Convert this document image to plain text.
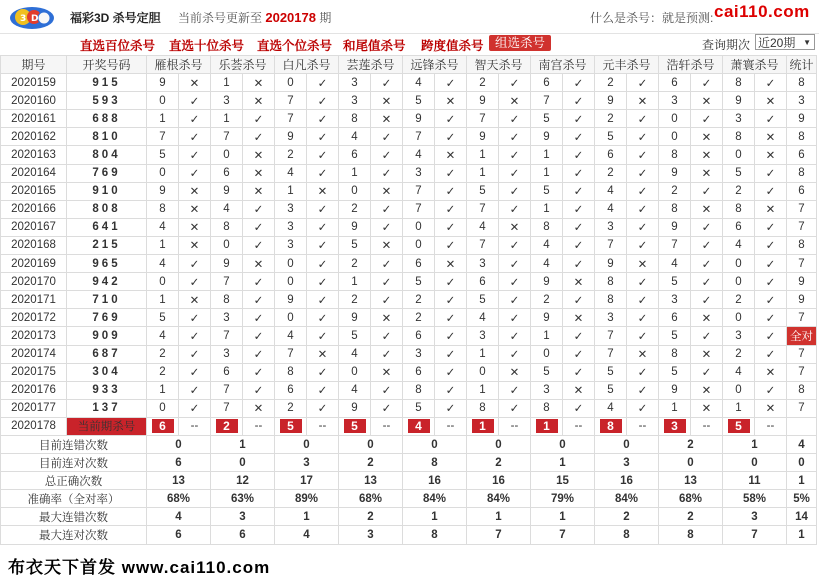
3 D	福彩3D 杀号定胆 当前杀号更新至 2020178 期	什么是杀号：就是预测: cai110.com
直选百位杀号 直选十位杀号 直选个位杀号 和尾值杀号 跨度值杀号 组选杀号	查询期次 近20期 ▼
期号	开奖号码	雁根杀号		乐荟杀号		白凡杀号		芸莲杀号		远锋杀号		智天杀号		南宫杀号		元丰杀号		浩轩杀号		萧寰杀号		统计
2020159	915	9	✕	1	✕	0	✓	3	✓	4	✓	2	✓	6	✓	2	✓	6	✓	8	✓	8
2020160	593	0	✓	3	✕	7	✓	3	✕	5	✕	9	✕	7	✓	9	✕	3	✕	9	✕	3
2020161	688	1	✓	1	✓	7	✓	8	✕	9	✓	7	✓	5	✓	2	✓	0	✓	3	✓	9
2020162	810	7	✓	7	✓	9	✓	4	✓	7	✓	9	✓	9	✓	5	✓	0	✕	8	✕	8
2020163	804	5	✓	0	✕	2	✓	6	✓	4	✕	1	✓	1	✓	6	✓	8	✕	0	✕	6
2020164	769	0	✓	6	✕	4	✓	1	✓	3	✓	1	✓	1	✓	2	✓	9	✕	5	✓	8
2020165	910	9	✕	9	✕	1	✕	0	✕	7	✓	5	✓	5	✓	4	✓	2	✓	2	✓	6
2020166	808	8	✕	4	✓	3	✓	2	✓	7	✓	7	✓	1	✓	4	✓	8	✕	8	✕	7
2020167	641	4	✕	8	✓	3	✓	9	✓	0	✓	4	✕	8	✓	3	✓	9	✓	6	✓	7
2020168	215	1	✕	0	✓	3	✓	5	✕	0	✓	7	✓	4	✓	7	✓	7	✓	4	✓	8
2020169	965	4	✓	9	✕	0	✓	2	✓	6	✕	3	✓	4	✓	9	✕	4	✓	0	✓	7
2020170	942	0	✓	7	✓	0	✓	1	✓	5	✓	6	✓	9	✕	8	✓	5	✓	0	✓	9
2020171	710	1	✕	8	✓	9	✓	2	✓	2	✓	5	✓	2	✓	8	✓	3	✓	2	✓	9
2020172	769	5	✓	3	✓	0	✓	9	✕	2	✓	4	✓	9	✕	3	✓	6	✕	0	✓	7
2020173	909	4	✓	7	✓	4	✓	5	✓	6	✓	3	✓	1	✓	7	✓	5	✓	3	✓	全对
2020174	687	2	✓	3	✓	7	✕	4	✓	3	✓	1	✓	0	✓	7	✕	8	✕	2	✓	7
2020175	304	2	✓	6	✓	8	✓	0	✕	6	✓	0	✕	5	✓	5	✓	5	✓	4	✕	7
2020176	933	1	✓	7	✓	6	✓	4	✓	8	✓	1	✓	3	✕	5	✓	9	✕	0	✓	8
2020177	137	0	✓	7	✕	2	✓	9	✓	5	✓	8	✓	8	✓	4	✓	1	✕	1	✕	7
2020178	当前期杀号	6	--	2	--	5	--	5	--	4	--	1	--	1	--	8	--	3	--	5	--	
目前连错次数		0		1		0		0		0		0		0		0		2		1		4
目前连对次数		6		0		3		2		8		2		1		3		0		0		0
总正确次数		13		12		17		13		16		16		15		16		13		11		1
准确率（全对率）		68%		63%		89%		68%		84%		84%		79%		84%		68%		58%		5%
最大连错次数		4		3		1		2		1		1		1		2		2		3		14
最大连对次数		6		6		4		3		8		7		7		8		8		7		1
布衣天下首发 www.cai110.com
